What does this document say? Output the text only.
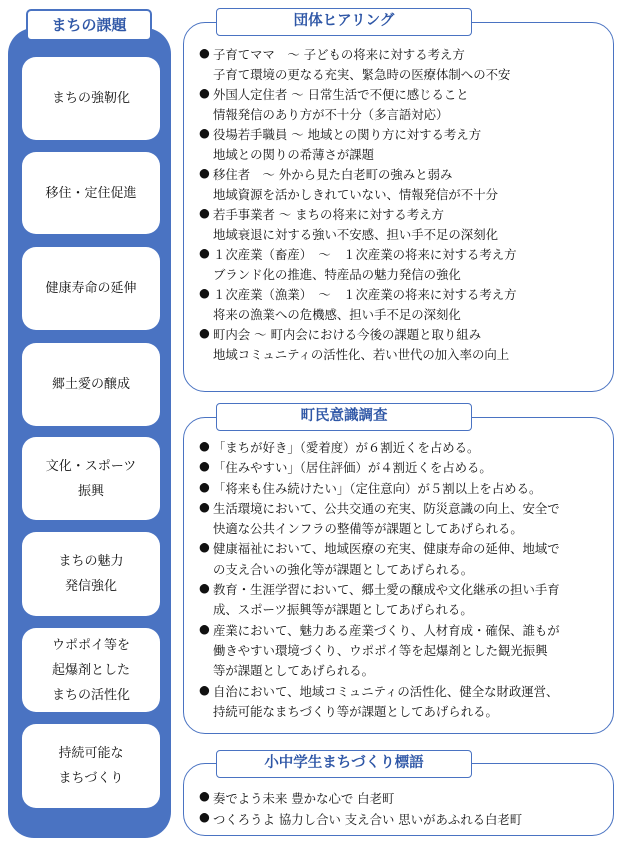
まちの課題
まちの強靭化
移住・定住促進
健康寿命の延伸
郷土愛の醸成
文化・スポーツ
振興
まちの魅力
発信強化
ウポポイ等を
起爆剤とした
まちの活性化
持続可能な
まちづくり
● 子育てママ　～ 子どもの将来に対する考え方
子育て環境の更なる充実、緊急時の医療体制への不安
● 外国人定住者 ～ 日常生活で不便に感じること
情報発信のあり方が不十分（多言語対応）
● 役場若手職員 ～ 地域との関り方に対する考え方
地域との関りの希薄さが課題
● 移住者　～ 外から見た白老町の強みと弱み
地域資源を活かしきれていない、情報発信が不十分
● 若手事業者 ～ まちの将来に対する考え方
地域衰退に対する強い不安感、担い手不足の深刻化
● １次産業（畜産）　～　１次産業の将来に対する考え方
ブランド化の推進、特産品の魅力発信の強化
● １次産業（漁業）　～　１次産業の将来に対する考え方
将来の漁業への危機感、担い手不足の深刻化
● 町内会 ～ 町内会における今後の課題と取り組み
地域コミュニティの活性化、若い世代の加入率の向上
団体ヒアリング
● 「まちが好き」（愛着度）が６割近くを占める。
● 「住みやすい」（居住評価）が４割近くを占める。
● 「将来も住み続けたい」（定住意向）が５割以上を占める。
● 生活環境において、公共交通の充実、防災意識の向上、安全で
快適な公共インフラの整備等が課題としてあげられる。
● 健康福祉において、地域医療の充実、健康寿命の延伸、地域で
の支え合いの強化等が課題としてあげられる。
● 教育・生涯学習において、郷土愛の醸成や文化継承の担い手育
成、スポーツ振興等が課題としてあげられる。
● 産業において、魅力ある産業づくり、人材育成・確保、誰もが
働きやすい環境づくり、ウポポイ等を起爆剤とした観光振興
等が課題としてあげられる。
● 自治において、地域コミュニティの活性化、健全な財政運営、
持続可能なまちづくり等が課題としてあげられる。
町民意識調査
● 奏でよう未来 豊かな心で 白老町
● つくろうよ 協力し合い 支え合い 思いがあふれる白老町
小中学生まちづくり標語
